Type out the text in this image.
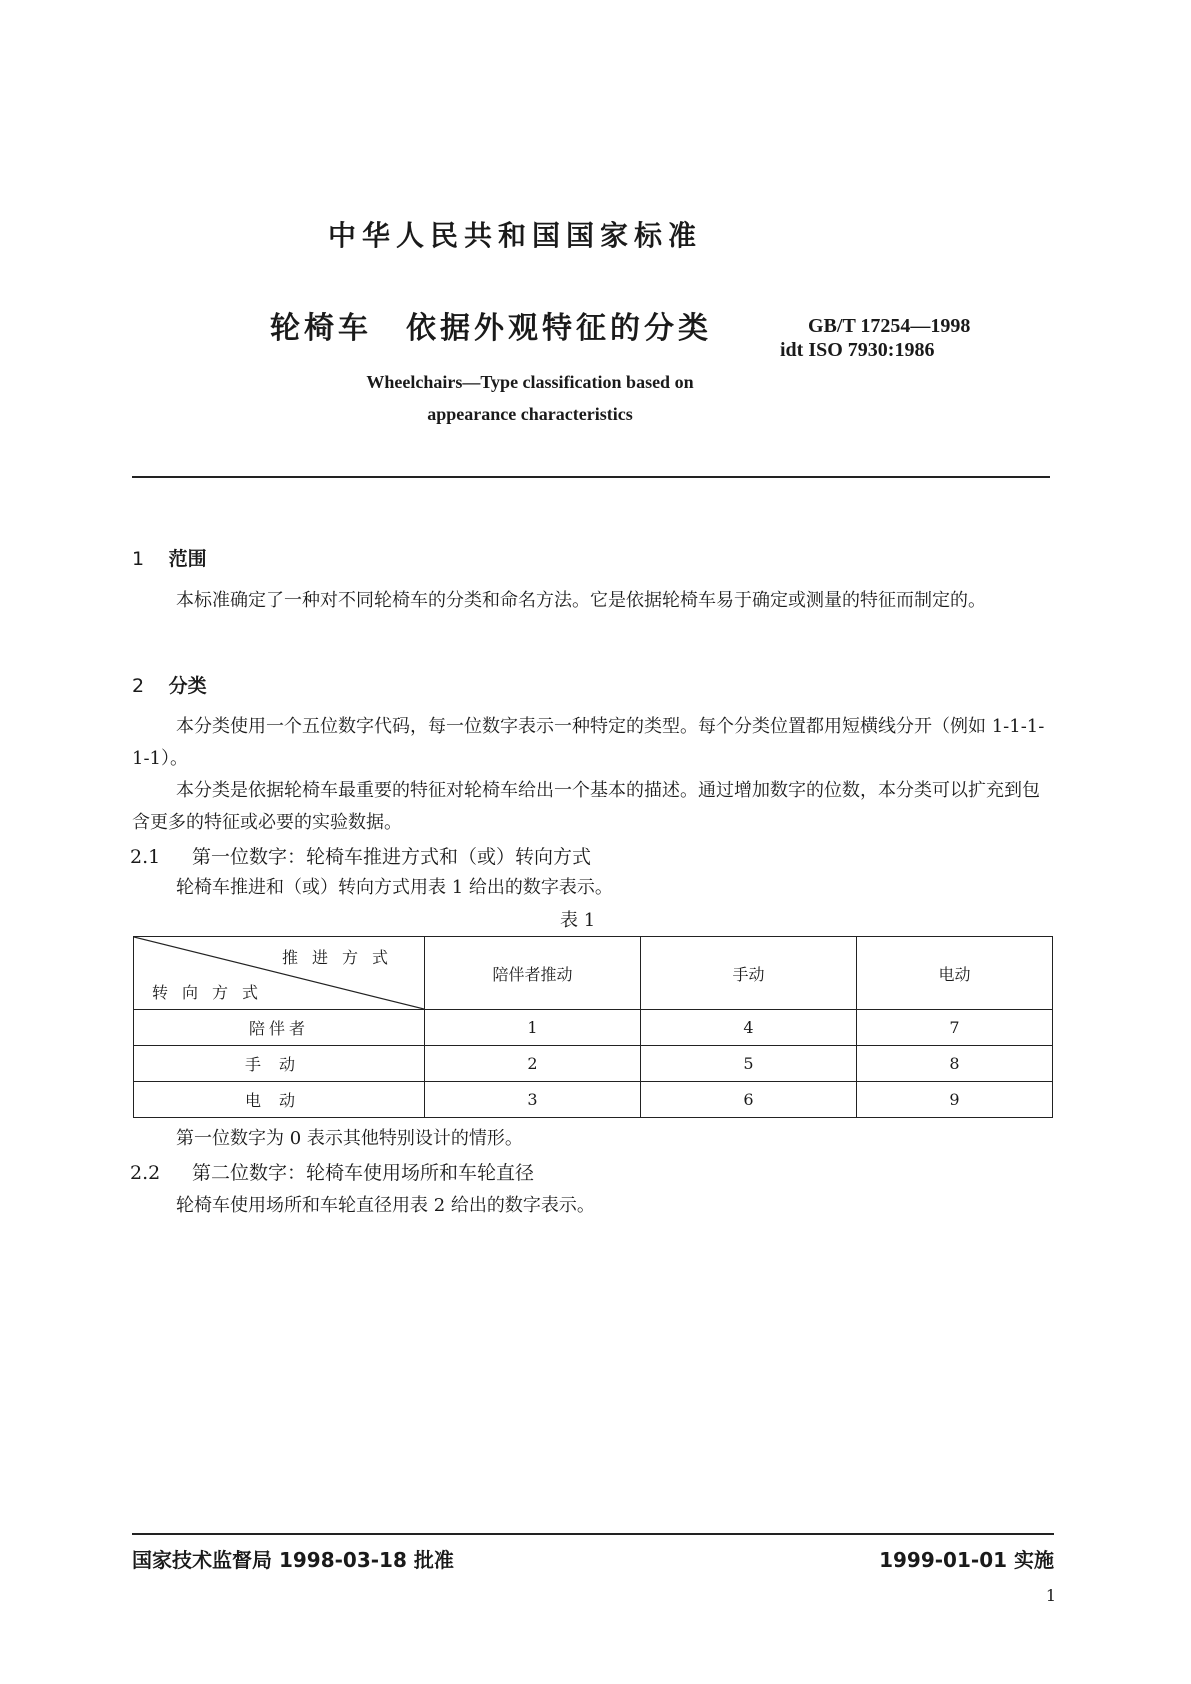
中华人民共和国国家标准
轮椅车　依据外观特征的分类	GB/T 17254—1998
idt ISO 7930:1986
Wheelchairs—Type classification based on
appearance characteristics
1 范围
本标准确定了一种对不同轮椅车的分类和命名方法。它是依据轮椅车易于确定或测量的特征而制定的。
2 分类
本分类使用一个五位数字代码，每一位数字表示一种特定的类型。每个分类位置都用短横线分开（例如 1-1-1-1-1）。
本分类是依据轮椅车最重要的特征对轮椅车给出一个基本的描述。通过增加数字的位数，本分类可以扩充到包含更多的特征或必要的实验数据。
2.1 第一位数字：轮椅车推进方式和（或）转向方式
轮椅车推进和（或）转向方式用表 1 给出的数字表示。
表 1
推进方式
转向方式	陪伴者推动	手动	电动
陪伴者	1	4	7
手动	2	5	8
电动	3	6	9
第一位数字为 0 表示其他特别设计的情形。
2.2 第二位数字：轮椅车使用场所和车轮直径
轮椅车使用场所和车轮直径用表 2 给出的数字表示。
国家技术监督局 1998-03-18 批准	1999-01-01 实施
1
